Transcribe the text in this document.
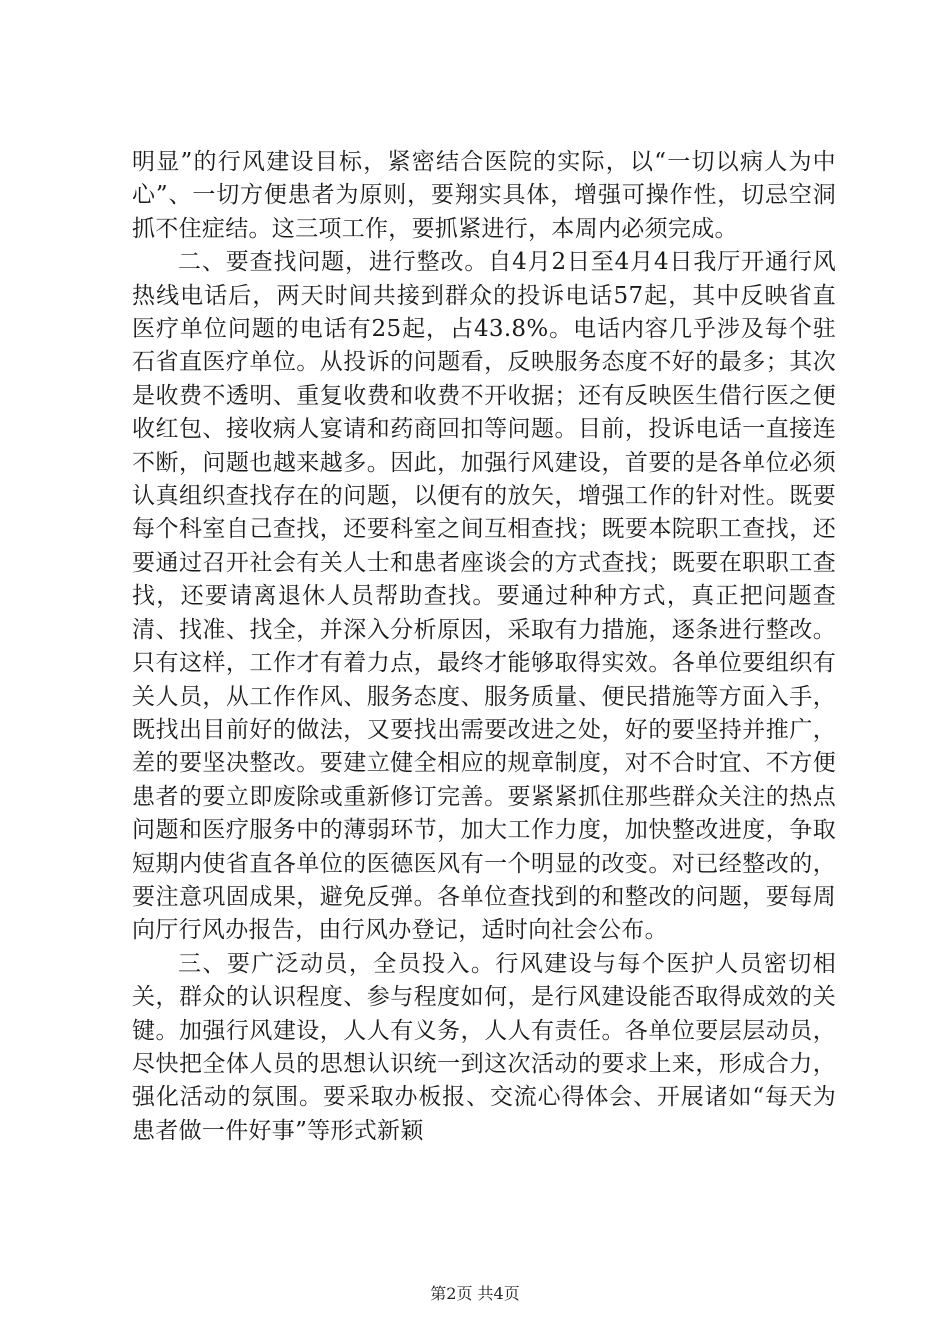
明显”的行风建设目标，紧密结合医院的实际，以“一切以病人为中心”、一切方便患者为原则，要翔实具体，增强可操作性，切忌空洞抓不住症结。这三项工作，要抓紧进行，本周内必须完成。

二、要查找问题，进行整改。自4月2日至4月4日我厅开通行风热线电话后，两天时间共接到群众的投诉电话57起，其中反映省直医疗单位问题的电话有25起，占43.8%。电话内容几乎涉及每个驻石省直医疗单位。从投诉的问题看，反映服务态度不好的最多；其次是收费不透明、重复收费和收费不开收据；还有反映医生借行医之便收红包、接收病人宴请和药商回扣等问题。目前，投诉电话一直接连不断，问题也越来越多。因此，加强行风建设，首要的是各单位必须认真组织查找存在的问题，以便有的放矢，增强工作的针对性。既要每个科室自己查找，还要科室之间互相查找；既要本院职工查找，还要通过召开社会有关人士和患者座谈会的方式查找；既要在职职工查找，还要请离退休人员帮助查找。要通过种种方式，真正把问题查清、找准、找全，并深入分析原因，采取有力措施，逐条进行整改。只有这样，工作才有着力点，最终才能够取得实效。各单位要组织有关人员，从工作作风、服务态度、服务质量、便民措施等方面入手，既找出目前好的做法，又要找出需要改进之处，好的要坚持并推广，差的要坚决整改。要建立健全相应的规章制度，对不合时宜、不方便患者的要立即废除或重新修订完善。要紧紧抓住那些群众关注的热点问题和医疗服务中的薄弱环节，加大工作力度，加快整改进度，争取短期内使省直各单位的医德医风有一个明显的改变。对已经整改的，要注意巩固成果，避免反弹。各单位查找到的和整改的问题，要每周向厅行风办报告，由行风办登记，适时向社会公布。

三、要广泛动员，全员投入。行风建设与每个医护人员密切相关，群众的认识程度、参与程度如何，是行风建设能否取得成效的关键。加强行风建设，人人有义务，人人有责任。各单位要层层动员，尽快把全体人员的思想认识统一到这次活动的要求上来，形成合力，强化活动的氛围。要采取办板报、交流心得体会、开展诸如“每天为患者做一件好事”等形式新颖

第2页 共4页
